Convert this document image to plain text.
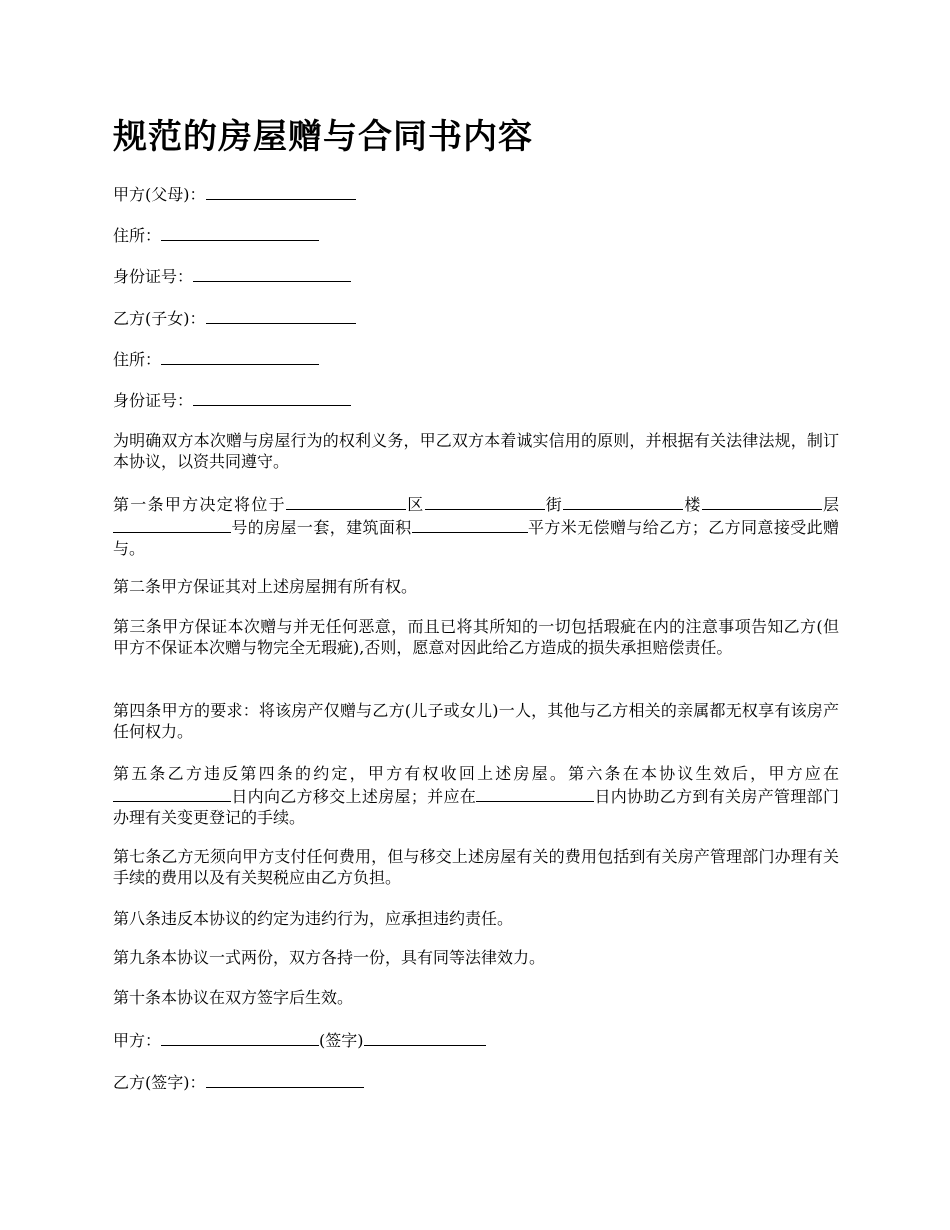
规范的房屋赠与合同书内容
甲方(父母)：
住所：
身份证号：
乙方(子女)：
住所：
身份证号：

为明确双方本次赠与房屋行为的权利义务，甲乙双方本着诚实信用的原则，并根据有关法律法规，制订本协议，以资共同遵守。

第一条甲方决定将位于	区	街	楼	层号的房屋一套，建筑面积	平方米无偿赠与给乙方；乙方同意接受此赠与。

第二条甲方保证其对上述房屋拥有所有权。

第三条甲方保证本次赠与并无任何恶意，而且已将其所知的一切包括瑕疵在内的注意事项告知乙方(但甲方不保证本次赠与物完全无瑕疵),否则，愿意对因此给乙方造成的损失承担赔偿责任。

第四条甲方的要求：将该房产仅赠与乙方(儿子或女儿)一人，其他与乙方相关的亲属都无权享有该房产任何权力。

第五条乙方违反第四条的约定，甲方有权收回上述房屋。第六条在本协议生效后，甲方应在日内向乙方移交上述房屋；并应在	日内协助乙方到有关房产管理部门办理有关变更登记的手续。

第七条乙方无须向甲方支付任何费用，但与移交上述房屋有关的费用包括到有关房产管理部门办理有关手续的费用以及有关契税应由乙方负担。

第八条违反本协议的约定为违约行为，应承担违约责任。

第九条本协议一式两份，双方各持一份，具有同等法律效力。

第十条本协议在双方签字后生效。

甲方：	(签字)
乙方(签字)：
